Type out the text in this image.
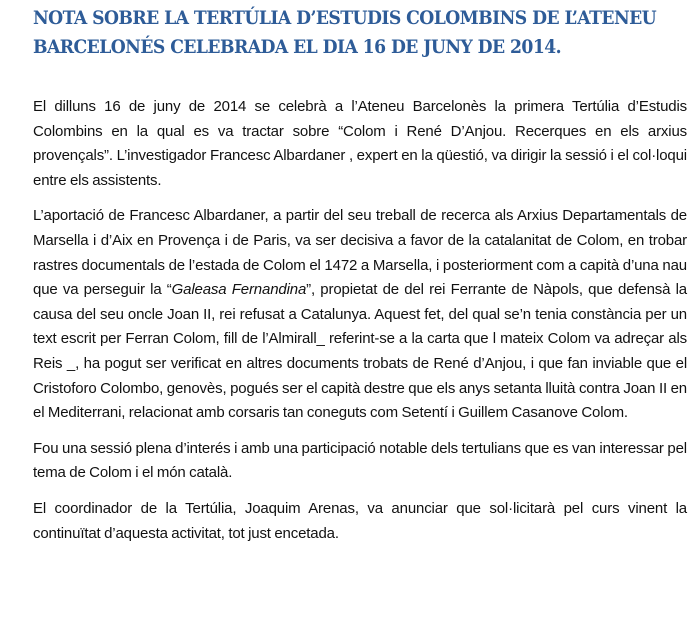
NOTA SOBRE LA TERTÚLIA D’ESTUDIS COLOMBINS DE L’ATENEU
BARCELONÉS CELEBRADA EL DIA 16 DE JUNY DE 2014.

El dilluns 16 de juny de 2014 se celebrà a l’Ateneu Barcelonès la primera Tertúlia d’Estudis Colombins en la qual es va tractar sobre “Colom i René D’Anjou. Recerques en els arxius provençals”. L’investigador Francesc Albardaner , expert en la qüestió, va dirigir la sessió i el col·loqui entre els assistents.

L’aportació de Francesc Albardaner, a partir del seu treball de recerca als Arxius Departamentals de Marsella i d’Aix en Provença i de Paris, va ser decisiva a favor de la catalanitat de Colom, en trobar rastres documentals de l’estada de Colom el 1472 a Marsella, i posteriorment com a capità d’una nau que va perseguir la “Galeasa Fernandina”, propietat de del rei Ferrante de Nàpols, que defensà la causa del seu oncle Joan II, rei refusat a Catalunya. Aquest fet, del qual se’n tenia constància per un text escrit per Ferran Colom, fill de l’Almirall_ referint-se a la carta que l mateix Colom va adreçar als Reis _, ha pogut ser verificat en altres documents trobats de René d’Anjou, i que fan inviable que el Cristoforo Colombo, genovès, pogués ser el capità destre que els anys setanta lluità contra Joan II en el Mediterrani, relacionat amb corsaris tan coneguts com Setentí i Guillem Casanove Colom.

Fou una sessió plena d’interés i amb una participació notable dels tertulians que es van interessar pel tema de Colom i el món català.

El coordinador de la Tertúlia, Joaquim Arenas, va anunciar que sol·licitarà pel curs vinent la continuïtat d’aquesta activitat, tot just encetada.
